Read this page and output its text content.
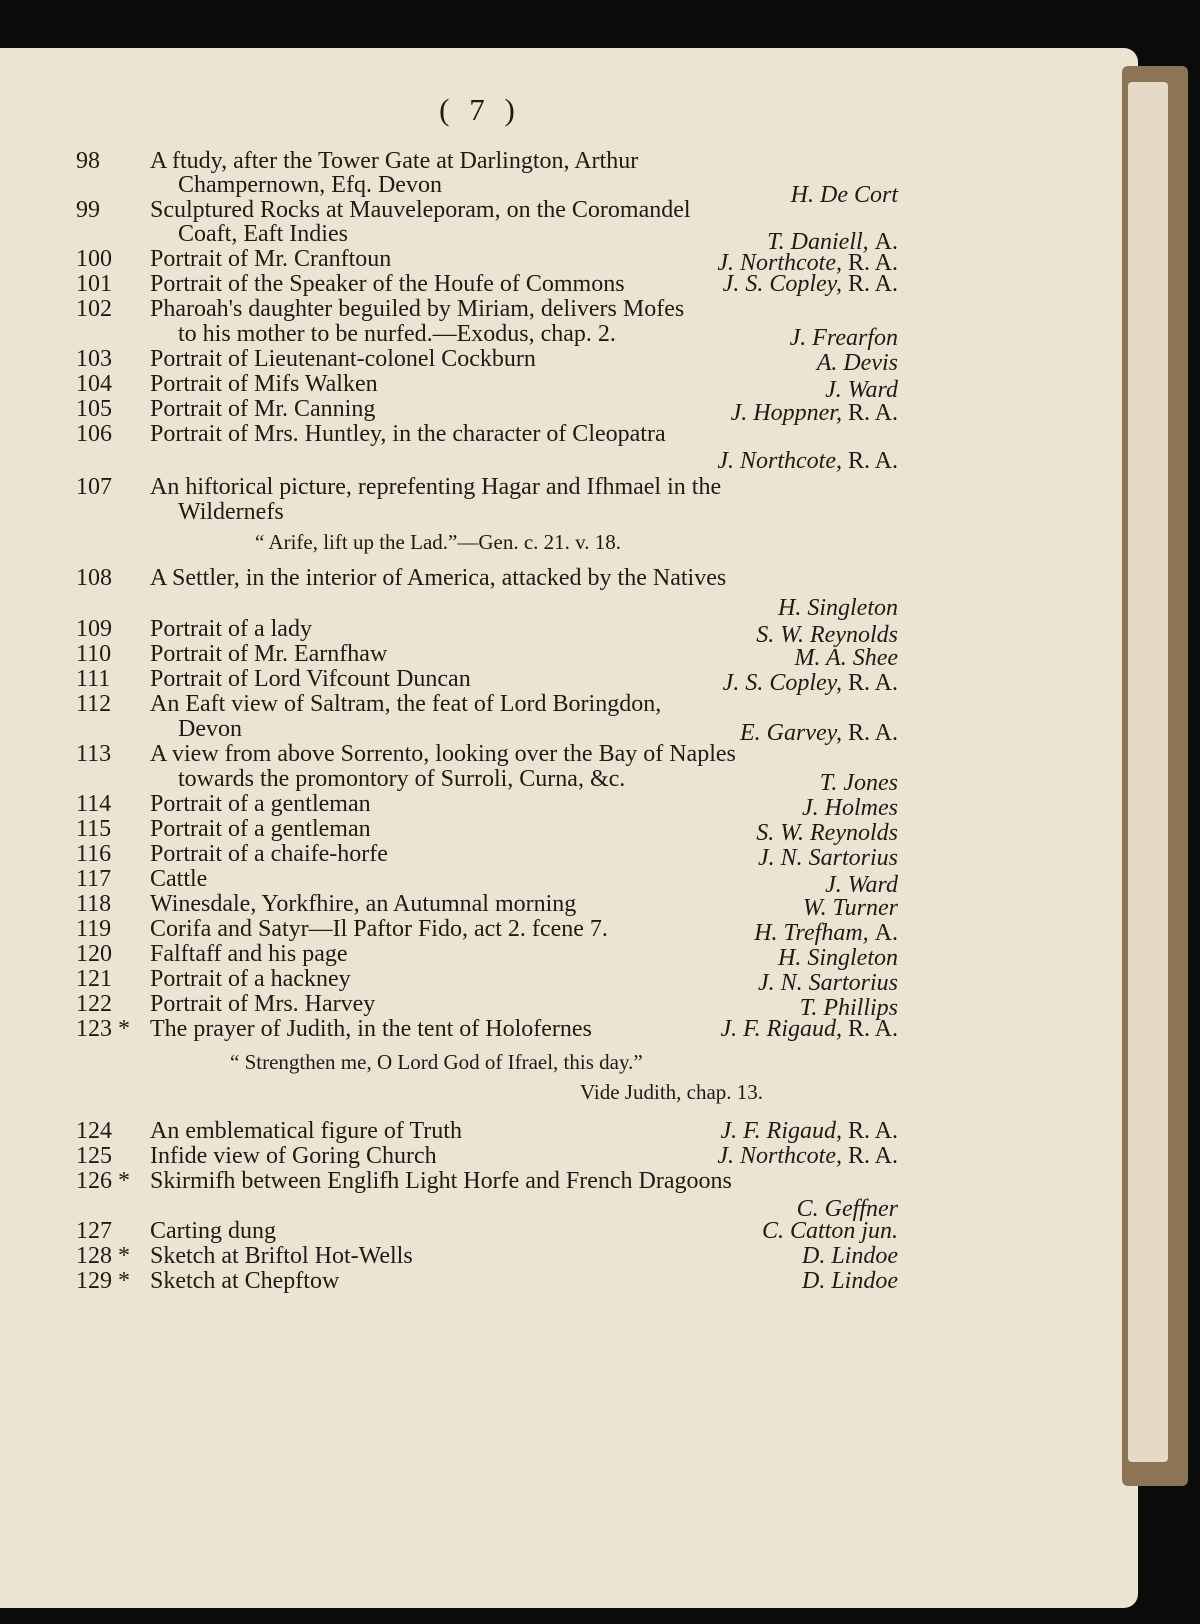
( 7 )
98 A ftudy, after the Tower Gate at Darlington, Arthur
Champernown, Efq. Devon	H. De Cort
99 Sculptured Rocks at Mauveleporam, on the Coromandel
Coaft, Eaft Indies	T. Daniell, A.
100 Portrait of Mr. Cranftoun	J. Northcote, R. A.
101 Portrait of the Speaker of the Houfe of Commons	J. S. Copley, R. A.
102 Pharoah's daughter beguiled by Miriam, delivers Mofes
to his mother to be nurfed.—Exodus, chap. 2.	J. Frearfon
103 Portrait of Lieutenant-colonel Cockburn	A. Devis
104 Portrait of Mifs Walken	J. Ward
105 Portrait of Mr. Canning	J. Hoppner, R. A.
106 Portrait of Mrs. Huntley, in the character of Cleopatra
J. Northcote, R. A.
107 An hiftorical picture, reprefenting Hagar and Ifhmael in the
Wildernefs
“ Arife, lift up the Lad.”—Gen. c. 21. v. 18.
108 A Settler, in the interior of America, attacked by the Natives
H. Singleton
109 Portrait of a lady	S. W. Reynolds
110 Portrait of Mr. Earnfhaw	M. A. Shee
111 Portrait of Lord Vifcount Duncan	J. S. Copley, R. A.
112 An Eaft view of Saltram, the feat of Lord Boringdon,
Devon	E. Garvey, R. A.
113 A view from above Sorrento, looking over the Bay of Naples
towards the promontory of Surroli, Curna, &c.	T. Jones
114 Portrait of a gentleman	J. Holmes
115 Portrait of a gentleman	S. W. Reynolds
116 Portrait of a chaife-horfe	J. N. Sartorius
117 Cattle	J. Ward
118 Winesdale, Yorkfhire, an Autumnal morning	W. Turner
119 Corifa and Satyr—Il Paftor Fido, act 2. fcene 7.	H. Trefham, A.
120 Falftaff and his page	H. Singleton
121 Portrait of a hackney	J. N. Sartorius
122 Portrait of Mrs. Harvey	T. Phillips
123 * The prayer of Judith, in the tent of Holofernes	J. F. Rigaud, R. A.
“ Strengthen me, O Lord God of Ifrael, this day.”
Vide Judith, chap. 13.
124 An emblematical figure of Truth	J. F. Rigaud, R. A.
125 Infide view of Goring Church	J. Northcote, R. A.
126 * Skirmifh between Englifh Light Horfe and French Dragoons
C. Geffner
127 Carting dung	C. Catton jun.
128 * Sketch at Briftol Hot-Wells	D. Lindoe
129 * Sketch at Chepftow	D. Lindoe
